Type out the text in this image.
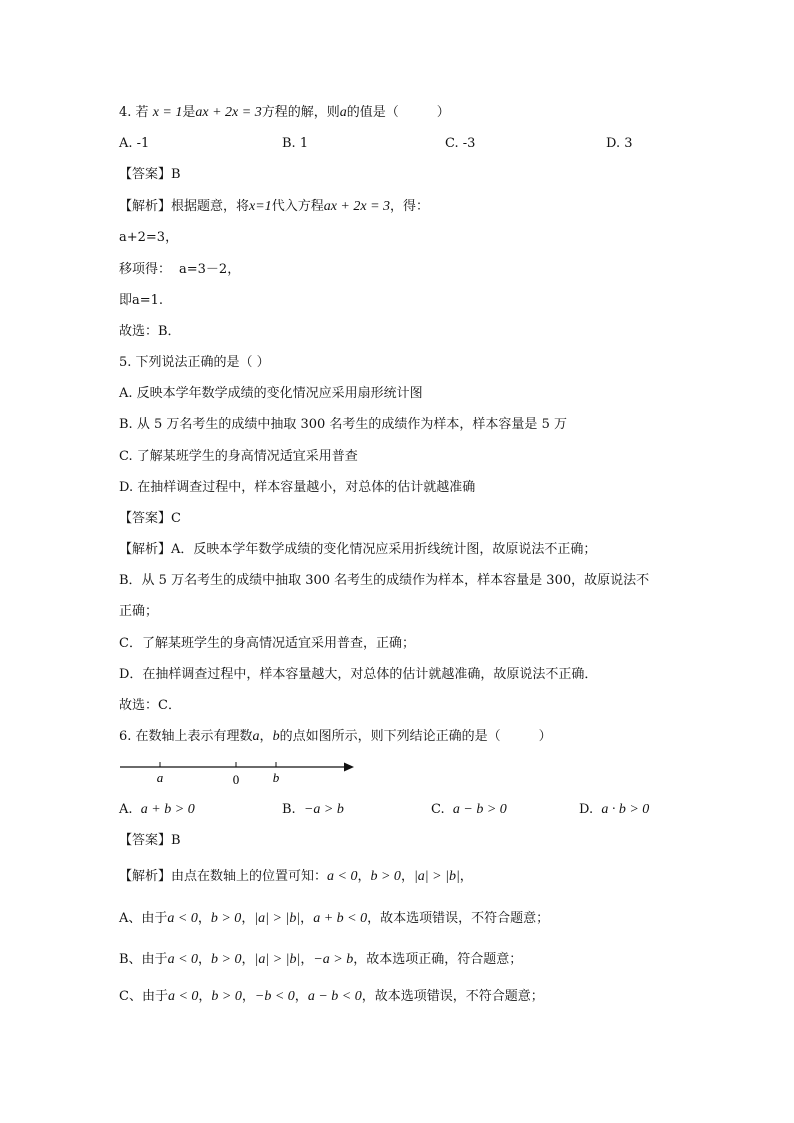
4. 若 x = 1是ax + 2x = 3方程的解，则a的值是（	）
A. -1	B. 1	C. -3	D. 3
【答案】B
【解析】根据题意，将x=1代入方程ax + 2x = 3，得：
a+2=3，
移项得： a=3－2，
即a=1.
故选：B．
5. 下列说法正确的是（ ）
A. 反映本学年数学成绩的变化情况应采用扇形统计图
B. 从 5 万名考生的成绩中抽取 300 名考生的成绩作为样本，样本容量是 5 万
C. 了解某班学生的身高情况适宜采用普查
D. 在抽样调查过程中，样本容量越小，对总体的估计就越准确
【答案】C
【解析】A．反映本学年数学成绩的变化情况应采用折线统计图，故原说法不正确；
B．从 5 万名考生的成绩中抽取 300 名考生的成绩作为样本，样本容量是 300，故原说法不
正确；
C．了解某班学生的身高情况适宜采用普查，正确；
D．在抽样调查过程中，样本容量越大，对总体的估计就越准确，故原说法不正确．
故选：C．
6. 在数轴上表示有理数a，b的点如图所示，则下列结论正确的是（	）
a	0	b
A. a + b > 0	B. −a > b	C. a − b > 0	D. a · b > 0
【答案】B
【解析】由点在数轴上的位置可知：a < 0，b > 0，|a| > |b|，
A、由于a < 0，b > 0，|a| > |b|，a + b < 0，故本选项错误，不符合题意；
B、由于a < 0，b > 0，|a| > |b|，−a > b，故本选项正确，符合题意；
C、由于a < 0，b > 0，−b < 0，a − b < 0，故本选项错误，不符合题意；
